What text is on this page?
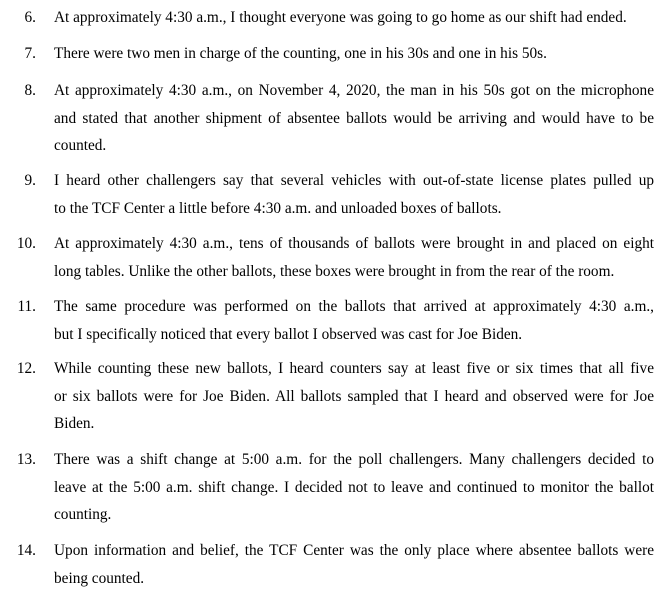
6. At approximately 4:30 a.m., I thought everyone was going to go home as our shift had ended.
7. There were two men in charge of the counting, one in his 30s and one in his 50s.
8. At approximately 4:30 a.m., on November 4, 2020, the man in his 50s got on the microphone
and stated that another shipment of absentee ballots would be arriving and would have to be
counted.
9. I heard other challengers say that several vehicles with out-of-state license plates pulled up
to the TCF Center a little before 4:30 a.m. and unloaded boxes of ballots.
10. At approximately 4:30 a.m., tens of thousands of ballots were brought in and placed on eight
long tables. Unlike the other ballots, these boxes were brought in from the rear of the room.
11. The same procedure was performed on the ballots that arrived at approximately 4:30 a.m.,
but I specifically noticed that every ballot I observed was cast for Joe Biden.
12. While counting these new ballots, I heard counters say at least five or six times that all five
or six ballots were for Joe Biden. All ballots sampled that I heard and observed were for Joe
Biden.
13. There was a shift change at 5:00 a.m. for the poll challengers. Many challengers decided to
leave at the 5:00 a.m. shift change. I decided not to leave and continued to monitor the ballot
counting.
14. Upon information and belief, the TCF Center was the only place where absentee ballots were
being counted.
